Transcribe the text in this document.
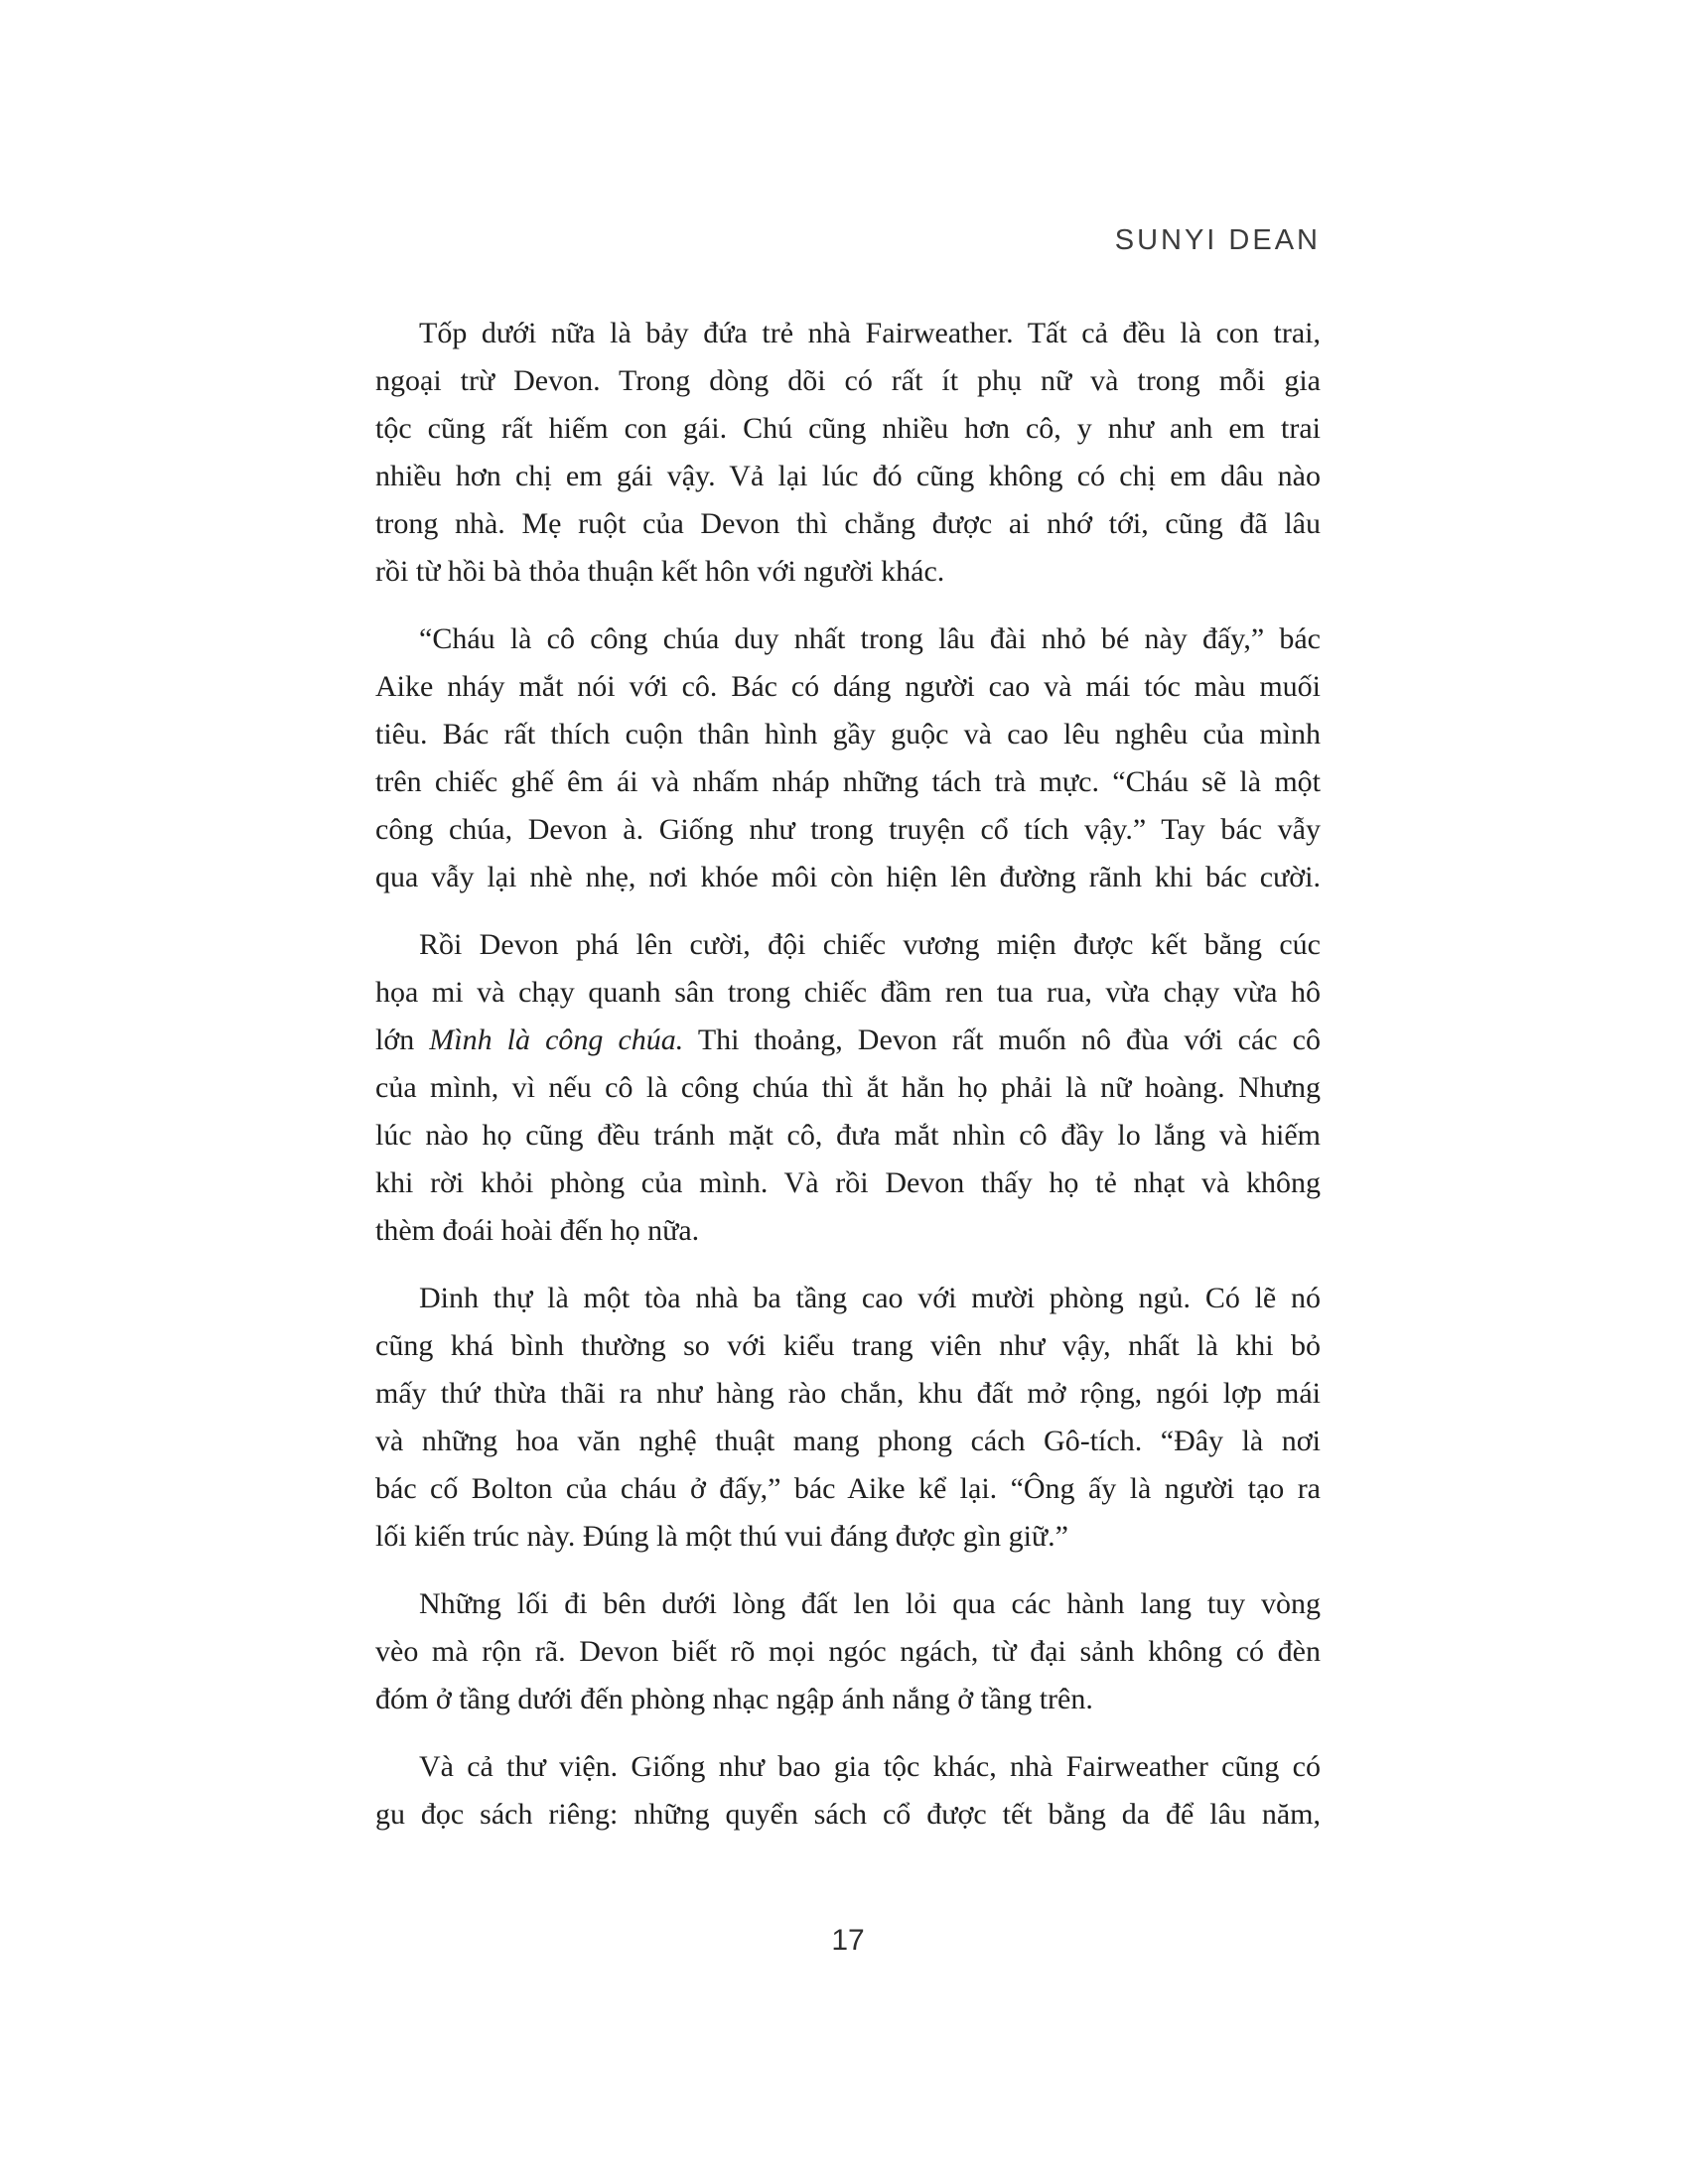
SUNYI DEAN
Tốp dưới nữa là bảy đứa trẻ nhà Fairweather. Tất cả đều là con trai,
ngoại trừ Devon. Trong dòng dõi có rất ít phụ nữ và trong mỗi gia
tộc cũng rất hiếm con gái. Chú cũng nhiều hơn cô, y như anh em trai
nhiều hơn chị em gái vậy. Vả lại lúc đó cũng không có chị em dâu nào
trong nhà. Mẹ ruột của Devon thì chẳng được ai nhớ tới, cũng đã lâu
rồi từ hồi bà thỏa thuận kết hôn với người khác.
“Cháu là cô công chúa duy nhất trong lâu đài nhỏ bé này đấy,” bác
Aike nháy mắt nói với cô. Bác có dáng người cao và mái tóc màu muối
tiêu. Bác rất thích cuộn thân hình gầy guộc và cao lêu nghêu của mình
trên chiếc ghế êm ái và nhấm nháp những tách trà mực. “Cháu sẽ là một
công chúa, Devon à. Giống như trong truyện cổ tích vậy.” Tay bác vẫy
qua vẫy lại nhè nhẹ, nơi khóe môi còn hiện lên đường rãnh khi bác cười.
Rồi Devon phá lên cười, đội chiếc vương miện được kết bằng cúc
họa mi và chạy quanh sân trong chiếc đầm ren tua rua, vừa chạy vừa hô
lớn Mình là công chúa. Thi thoảng, Devon rất muốn nô đùa với các cô
của mình, vì nếu cô là công chúa thì ắt hẳn họ phải là nữ hoàng. Nhưng
lúc nào họ cũng đều tránh mặt cô, đưa mắt nhìn cô đầy lo lắng và hiếm
khi rời khỏi phòng của mình. Và rồi Devon thấy họ tẻ nhạt và không
thèm đoái hoài đến họ nữa.
Dinh thự là một tòa nhà ba tầng cao với mười phòng ngủ. Có lẽ nó
cũng khá bình thường so với kiểu trang viên như vậy, nhất là khi bỏ
mấy thứ thừa thãi ra như hàng rào chắn, khu đất mở rộng, ngói lợp mái
và những hoa văn nghệ thuật mang phong cách Gô-tích. “Đây là nơi
bác cố Bolton của cháu ở đấy,” bác Aike kể lại. “Ông ấy là người tạo ra
lối kiến trúc này. Đúng là một thú vui đáng được gìn giữ.”
Những lối đi bên dưới lòng đất len lỏi qua các hành lang tuy vòng
vèo mà rộn rã. Devon biết rõ mọi ngóc ngách, từ đại sảnh không có đèn
đóm ở tầng dưới đến phòng nhạc ngập ánh nắng ở tầng trên.
Và cả thư viện. Giống như bao gia tộc khác, nhà Fairweather cũng có
gu đọc sách riêng: những quyển sách cổ được tết bằng da để lâu năm,
17
